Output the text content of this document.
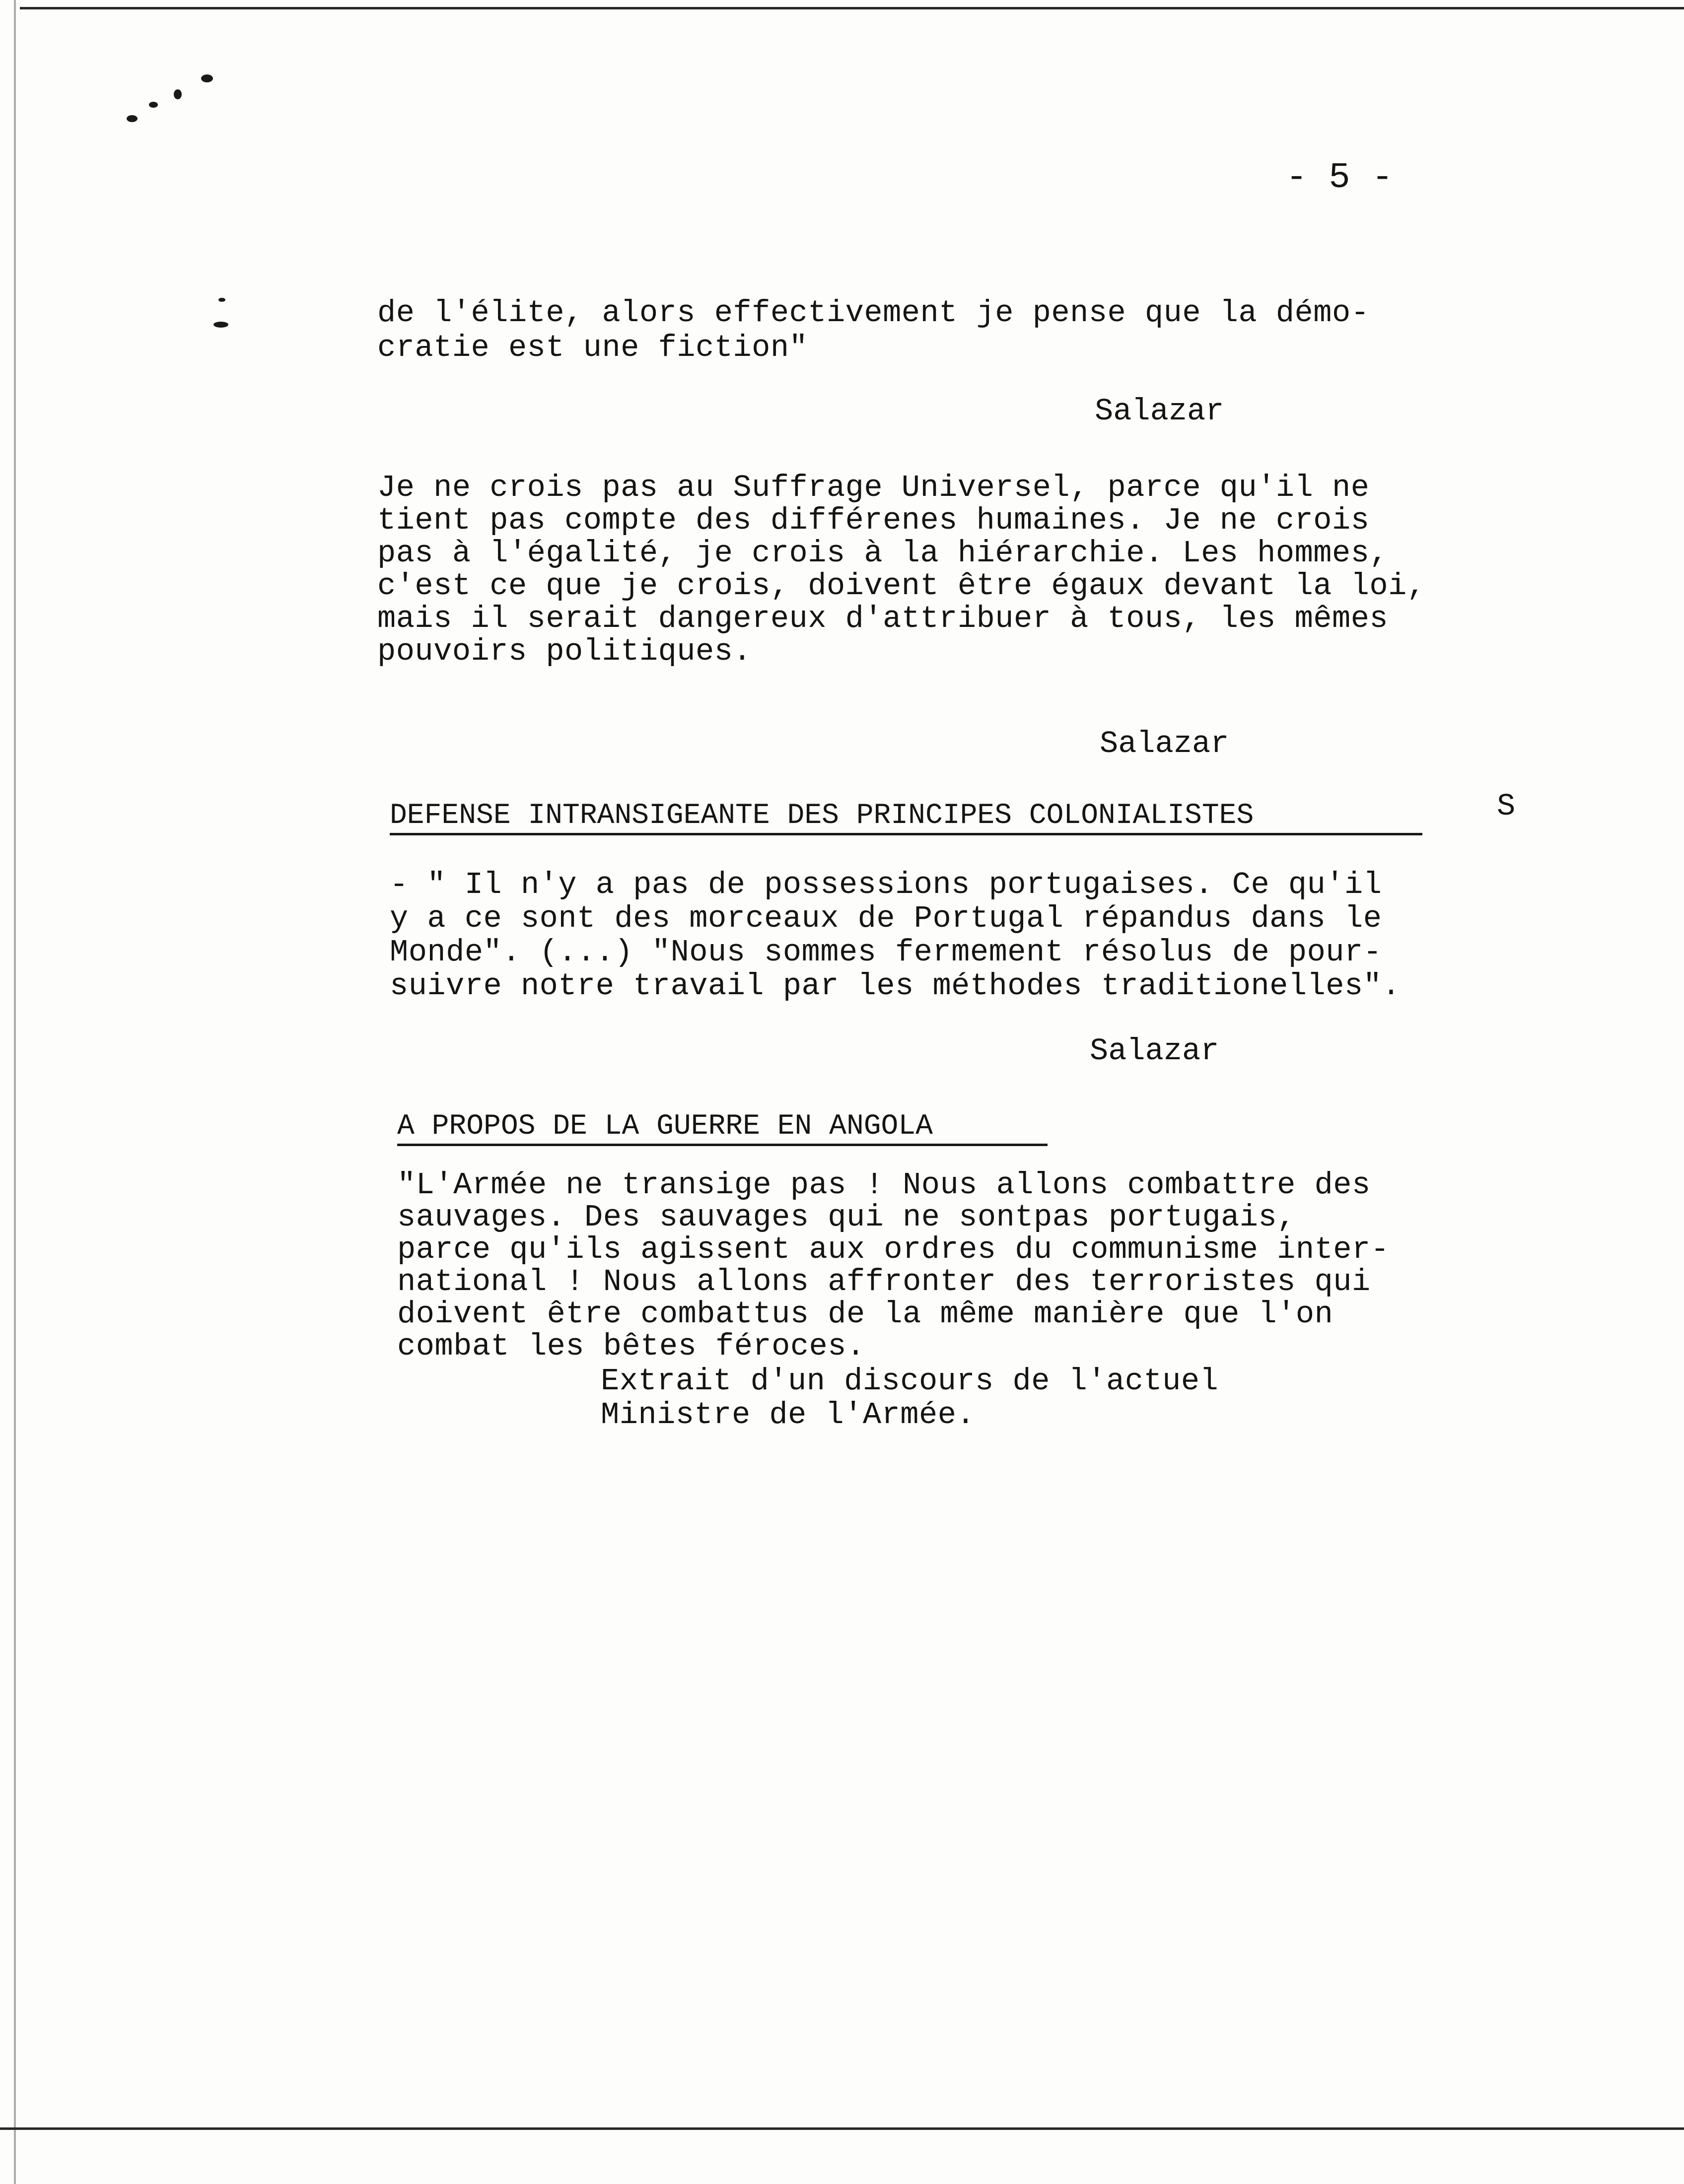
- 5 -

de l'élite, alors effectivement je pense que la démo-

cratie est une fiction"

Salazar

Je ne crois pas au Suffrage Universel, parce qu'il ne

tient pas compte des différenes humaines. Je ne crois

pas à l'égalité, je crois à la hiérarchie. Les hommes,

c'est ce que je crois, doivent être égaux devant la loi,

mais il serait dangereux d'attribuer à tous, les mêmes

pouvoirs politiques.

Salazar

DEFENSE INTRANSIGEANTE DES PRINCIPES COLONIALISTES	S

- " Il n'y a pas de possessions portugaises. Ce qu'il

y a ce sont des morceaux de Portugal répandus dans le

Monde". (...) "Nous sommes fermement résolus de pour-

suivre notre travail par les méthodes traditionelles".

Salazar

A PROPOS DE LA GUERRE EN ANGOLA

"L'Armée ne transige pas ! Nous allons combattre des

sauvages. Des sauvages qui ne sontpas portugais,

parce qu'ils agissent aux ordres du communisme inter-

national ! Nous allons affronter des terroristes qui

doivent être combattus de la même manière que l'on

combat les bêtes féroces.

Extrait d'un discours de l'actuel

Ministre de l'Armée.
